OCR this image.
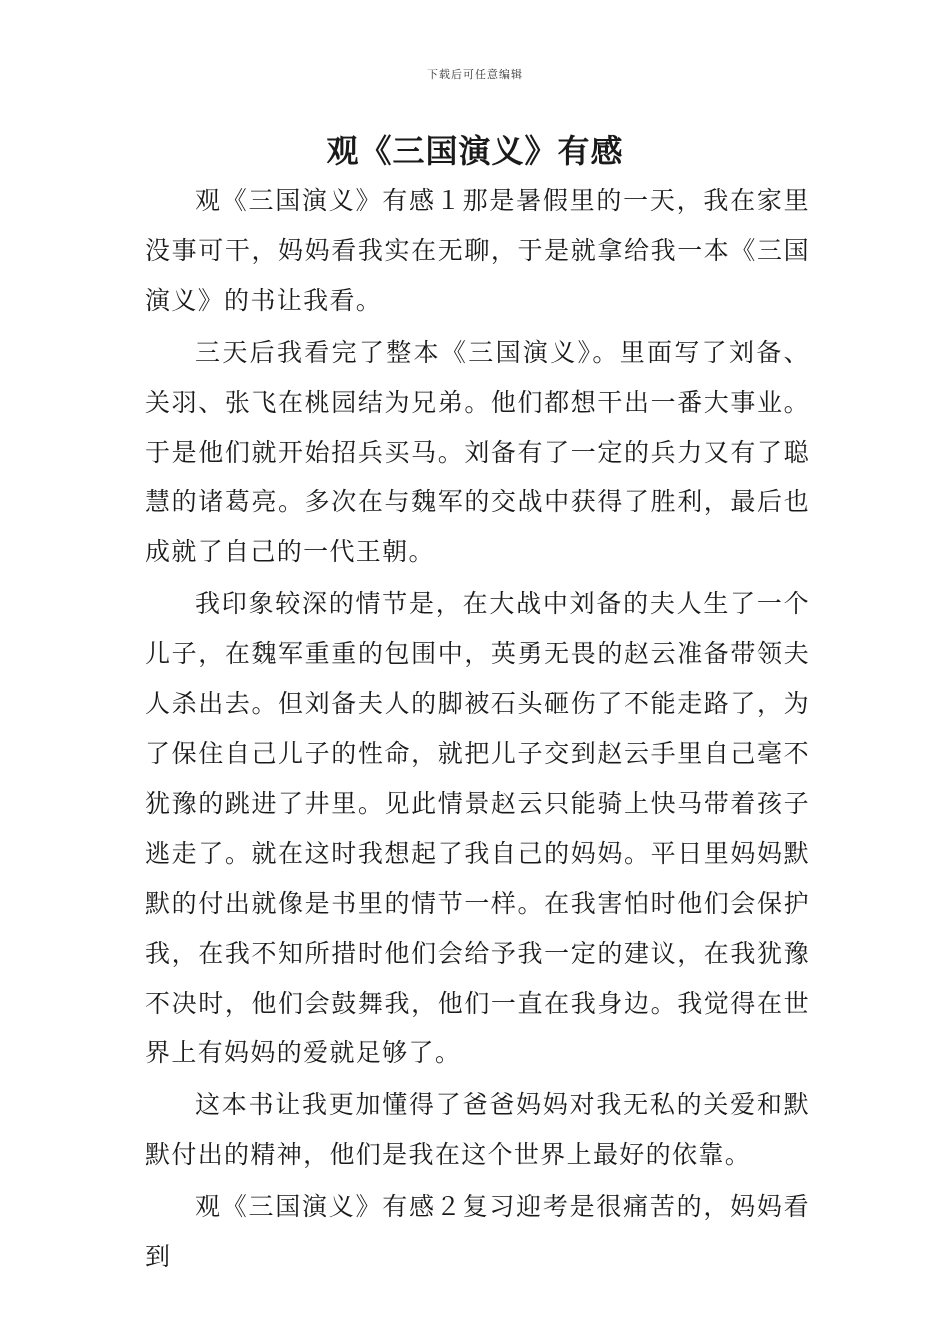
下载后可任意编辑
观《三国演义》有感

观《三国演义》有感１那是暑假里的一天，我在家里没事可干，妈妈看我实在无聊，于是就拿给我一本《三国演义》的书让我看。

三天后我看完了整本《三国演义》。里面写了刘备、关羽、张飞在桃园结为兄弟。他们都想干出一番大事业。于是他们就开始招兵买马。刘备有了一定的兵力又有了聪慧的诸葛亮。多次在与魏军的交战中获得了胜利，最后也成就了自己的一代王朝。

我印象较深的情节是，在大战中刘备的夫人生了一个儿子，在魏军重重的包围中，英勇无畏的赵云准备带领夫人杀出去。但刘备夫人的脚被石头砸伤了不能走路了，为了保住自己儿子的性命，就把儿子交到赵云手里自己毫不犹豫的跳进了井里。见此情景赵云只能骑上快马带着孩子逃走了。就在这时我想起了我自己的妈妈。平日里妈妈默默的付出就像是书里的情节一样。在我害怕时他们会保护我，在我不知所措时他们会给予我一定的建议，在我犹豫不决时，他们会鼓舞我，他们一直在我身边。我觉得在世界上有妈妈的爱就足够了。

这本书让我更加懂得了爸爸妈妈对我无私的关爱和默默付出的精神，他们是我在这个世界上最好的依靠。

观《三国演义》有感２复习迎考是很痛苦的，妈妈看到
